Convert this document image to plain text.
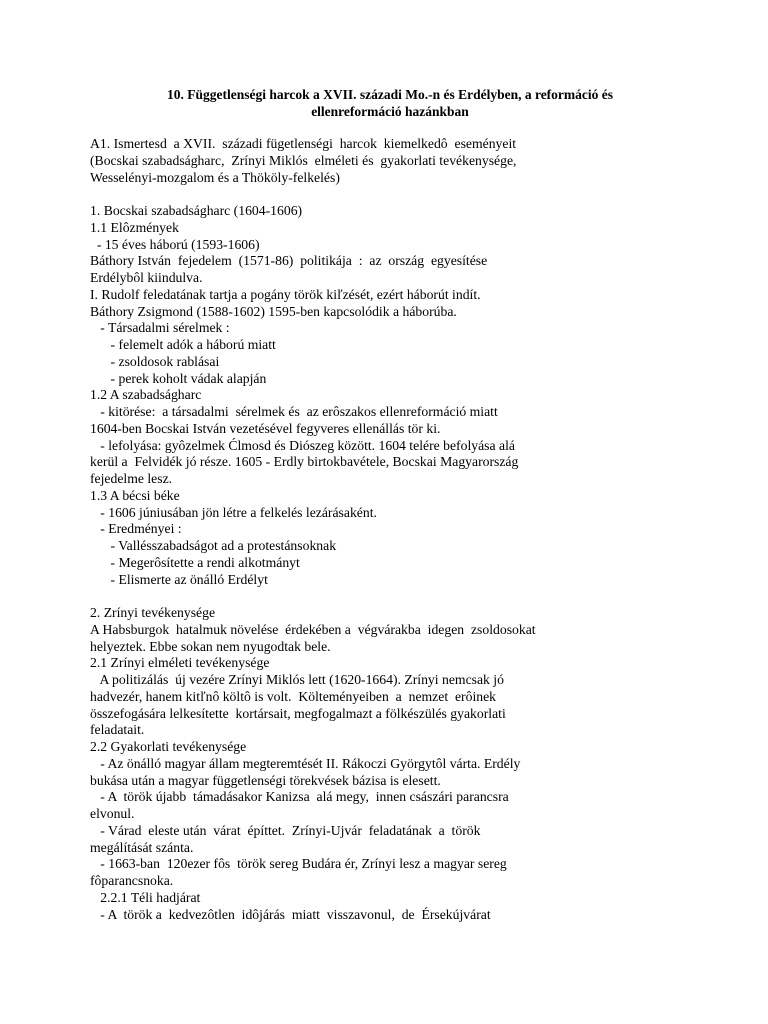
10. Függetlenségi harcok a XVII. századi Mo.-n és Erdélyben, a reformáció és
ellenreformáció hazánkban
A1. Ismertesd  a XVII.  századi fügetlenségi  harcok  kiemelkedô  eseményeit
(Bocskai szabadságharc,  Zrínyi Miklós  elméleti és  gyakorlati tevékenysége,
Wesselényi-mozgalom és a Thököly-felkelés)
1. Bocskai szabadságharc (1604-1606)
1.1 Elôzmények
- 15 éves háború (1593-1606)
Báthory István  fejedelem  (1571-86)  politikája  :  az  ország  egyesítése
Erdélybôl kiindulva.
I. Rudolf feledatának tartja a pogány török kiľzését, ezért háborút indít.
Báthory Zsigmond (1588-1602) 1595-ben kapcsolódik a háborúba.
- Társadalmi sérelmek :
- felemelt adók a háború miatt
- zsoldosok rablásai
- perek koholt vádak alapján
1.2 A szabadságharc
- kitörése:  a társadalmi  sérelmek és  az erôszakos ellenreformáció miatt
1604-ben Bocskai István vezetésével fegyveres ellenállás tör ki.
- lefolyása: gyôzelmek Ćlmosd és Diószeg között. 1604 telére befolyása alá
kerül a  Felvidék jó része. 1605 - Erdly birtokbavétele, Bocskai Magyarország
fejedelme lesz.
1.3 A bécsi béke
- 1606 júniusában jön létre a felkelés lezárásaként.
- Eredményei :
- Vallésszabadságot ad a protestánsoknak
- Megerôsítette a rendi alkotmányt
- Elismerte az önálló Erdélyt
2. Zrínyi tevékenysége
A Habsburgok  hatalmuk növelése  érdekében a  végvárakba  idegen  zsoldosokat
helyeztek. Ebbe sokan nem nyugodtak bele.
2.1 Zrínyi elméleti tevékenysége
A politizálás  új vezére Zrínyi Miklós lett (1620-1664). Zrínyi nemcsak jó
hadvezér, hanem kitľnô költô is volt.  Költeményeiben  a  nemzet  erôinek
összefogására lelkesítette  kortársait, megfogalmazt a fölkészülés gyakorlati
feladatait.
2.2 Gyakorlati tevékenysége
- Az önálló magyar állam megteremtését II. Rákoczi Györgytôl várta. Erdély
bukása után a magyar függetlenségi törekvések bázisa is elesett.
- A  török újabb  támadásakor Kanizsa  alá megy,  innen császári parancsra
elvonul.
- Várad  eleste után  várat  építtet.  Zrínyi-Ujvár  feladatának  a  török
megálítását szánta.
- 1663-ban  120ezer fôs  török sereg Budára ér, Zrínyi lesz a magyar sereg
fôparancsnoka.
2.2.1 Téli hadjárat
- A  török a  kedvezôtlen  idôjárás  miatt  visszavonul,  de  Érsekújvárat
